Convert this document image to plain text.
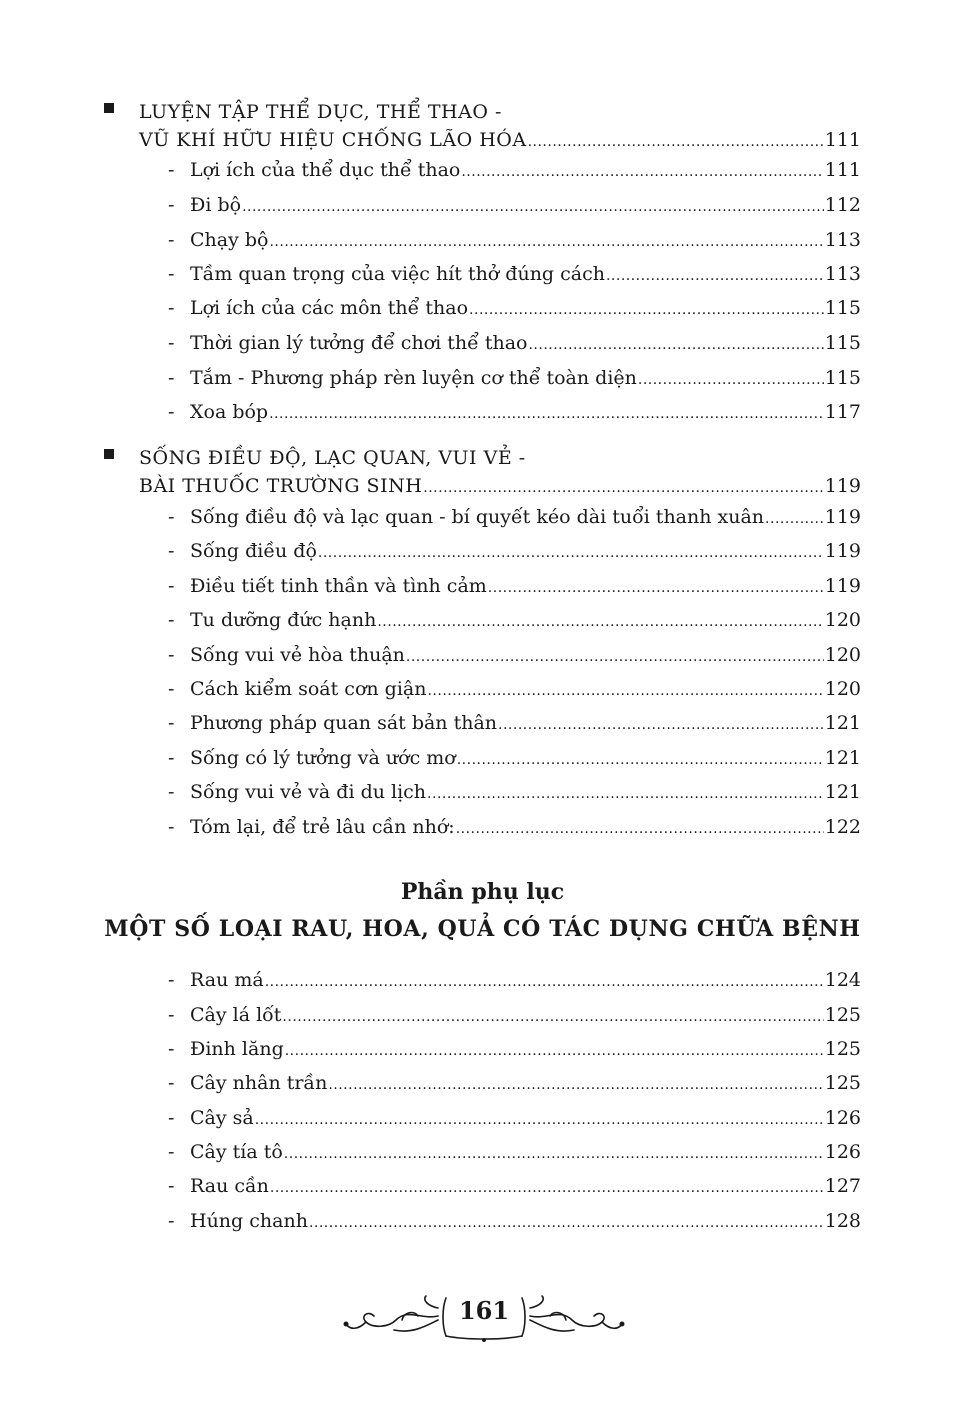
LUYỆN TẬP THỂ DỤC, THỂ THAO -
VŨ KHÍ HỮU HIỆU CHỐNG LÃO HÓA .....	111
- Lợi ích của thể dục thể thao .....	111
- Đi bộ .....	112
- Chạy bộ .....	113
- Tầm quan trọng của việc hít thở đúng cách .....	113
- Lợi ích của các môn thể thao .....	115
- Thời gian lý tưởng để chơi thể thao .....	115
- Tắm - Phương pháp rèn luyện cơ thể toàn diện .....	115
- Xoa bóp .....	117
SỐNG ĐIỀU ĐỘ, LẠC QUAN, VUI VẺ -
BÀI THUỐC TRƯỜNG SINH .....	119
- Sống điều độ và lạc quan - bí quyết kéo dài tuổi thanh xuân .....	119
- Sống điều độ .....	119
- Điều tiết tinh thần và tình cảm .....	119
- Tu dưỡng đức hạnh .....	120
- Sống vui vẻ hòa thuận .....	120
- Cách kiểm soát cơn giận .....	120
- Phương pháp quan sát bản thân .....	121
- Sống có lý tưởng và ước mơ .....	121
- Sống vui vẻ và đi du lịch .....	121
- Tóm lại, để trẻ lâu cần nhớ: .....	122
Phần phụ lục
MỘT SỐ LOẠI RAU, HOA, QUẢ CÓ TÁC DỤNG CHỮA BỆNH
- Rau má .....	124
- Cây lá lốt .....	125
- Đinh lăng .....	125
- Cây nhân trần .....	125
- Cây sả .....	126
- Cây tía tô .....	126
- Rau cần .....	127
- Húng chanh .....	128
161
